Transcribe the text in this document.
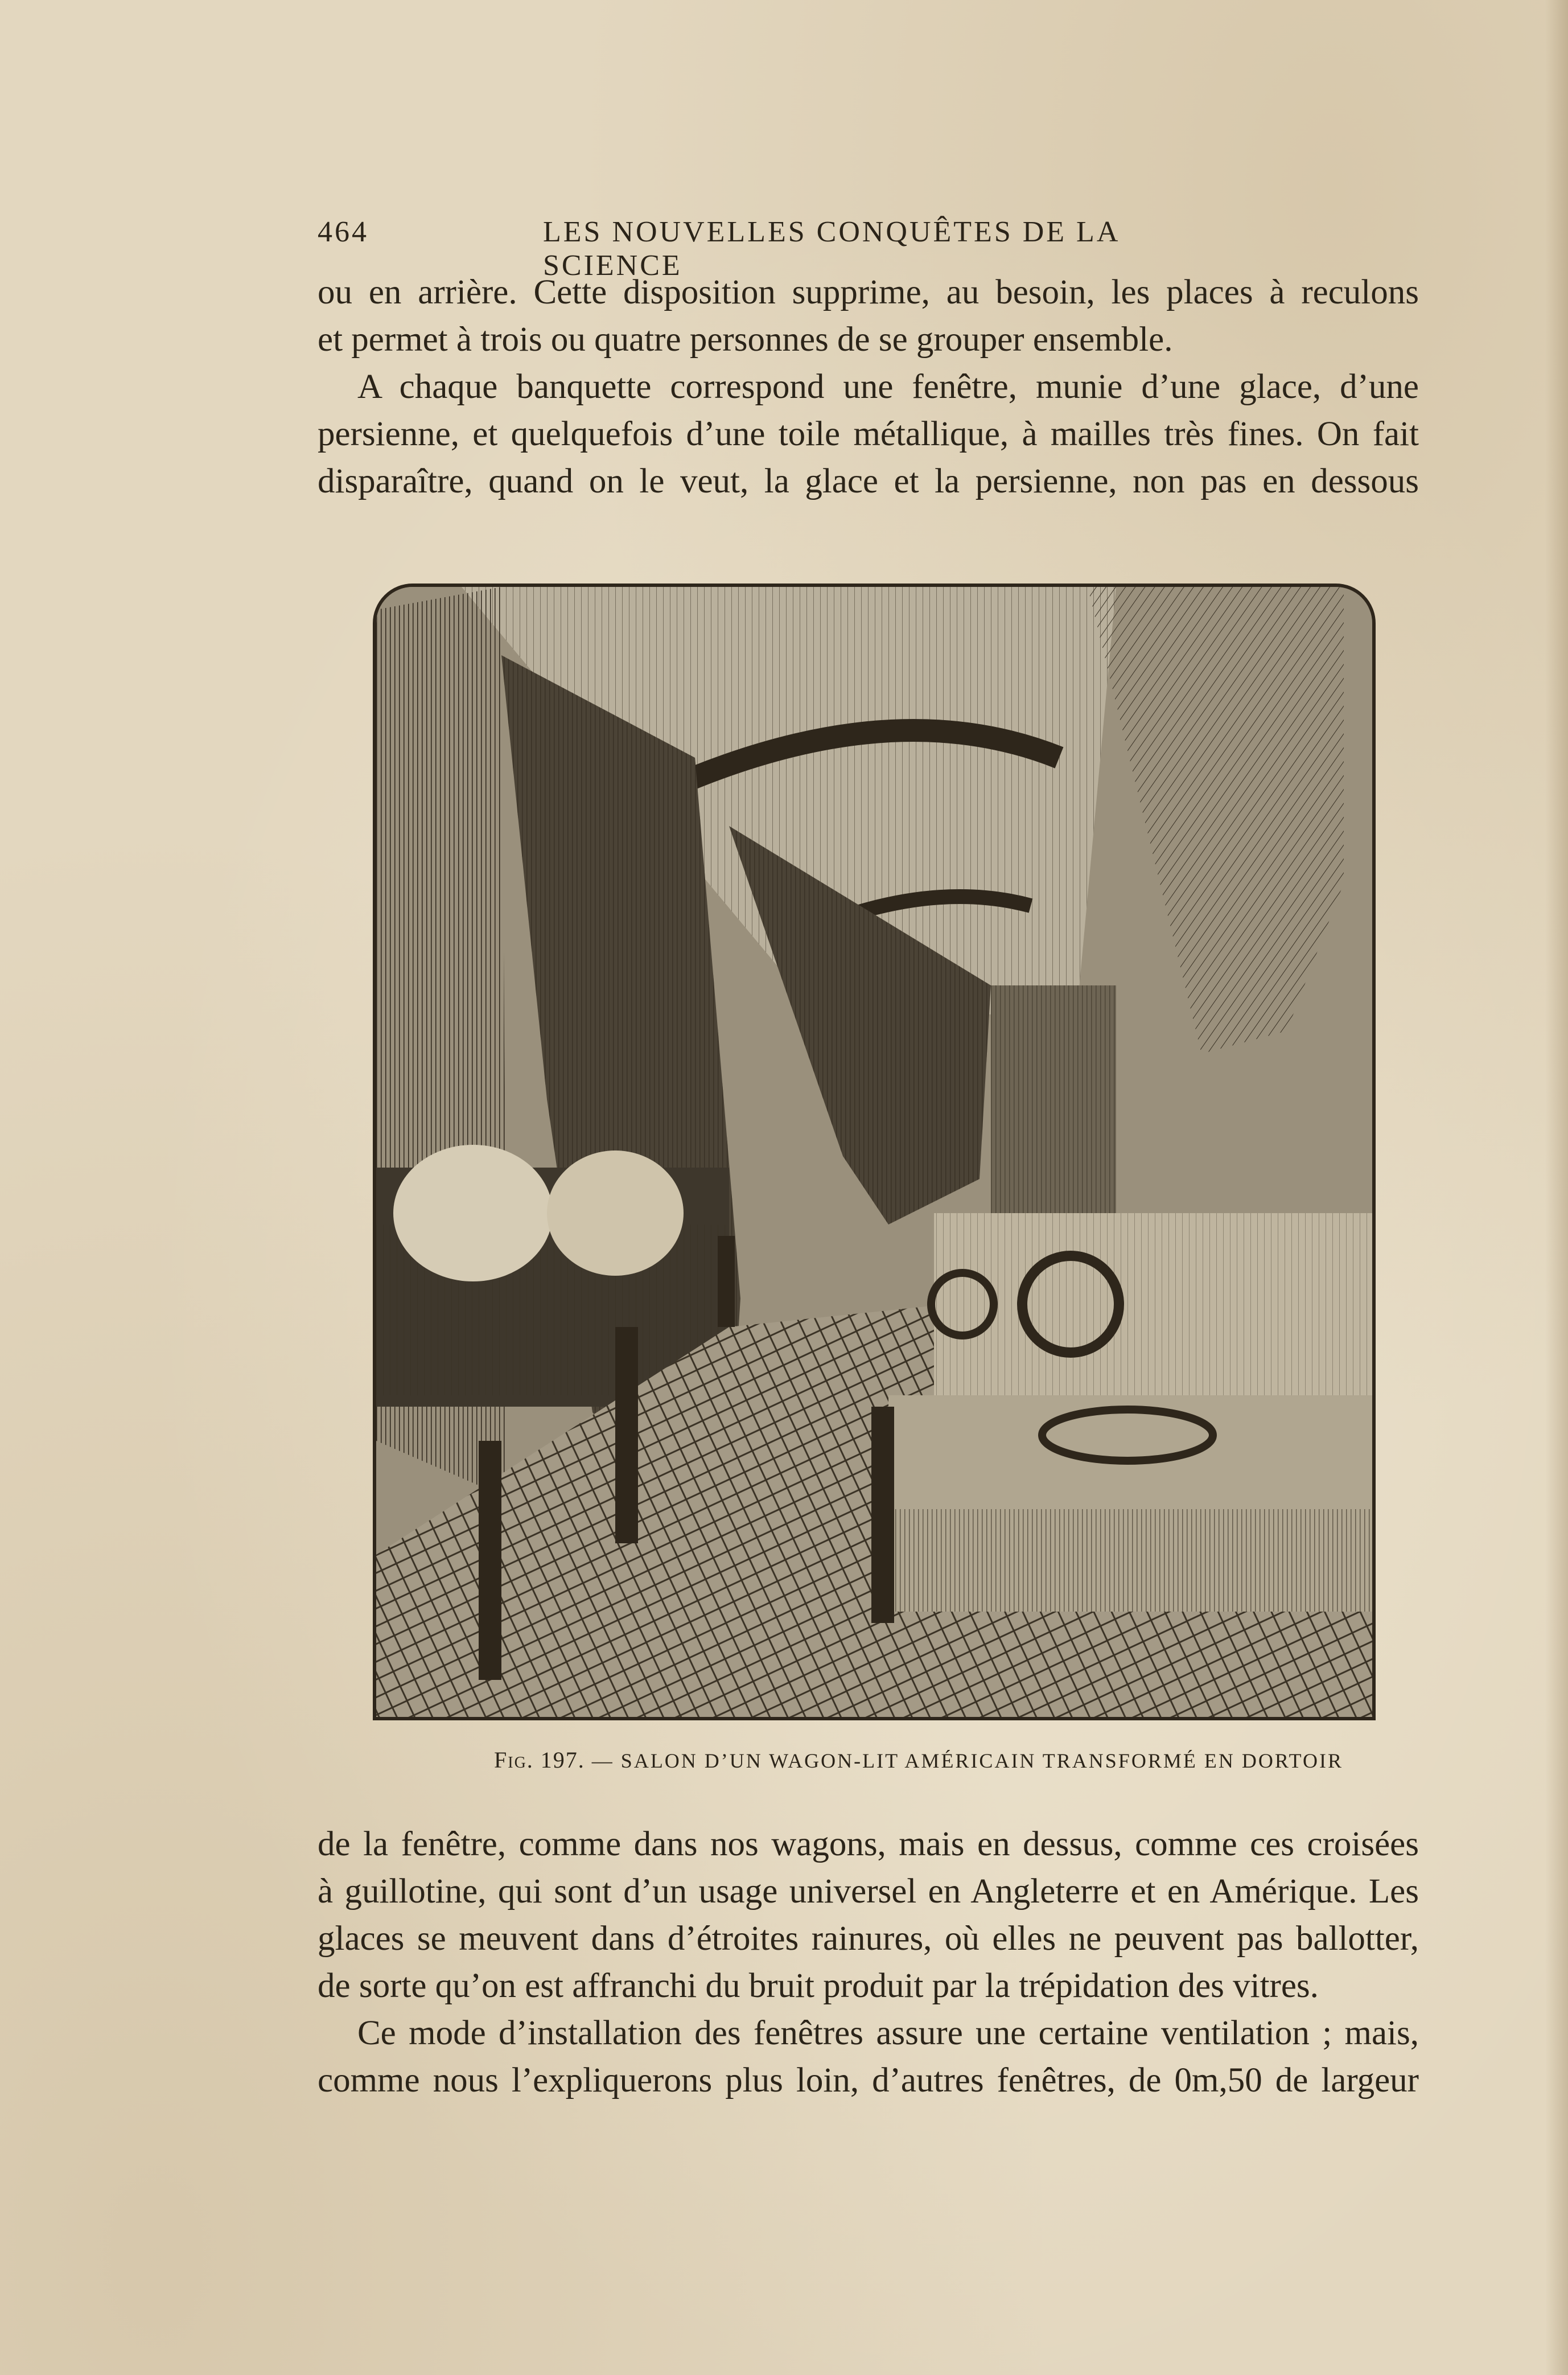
464	LES NOUVELLES CONQUÊTES DE LA SCIENCE
ou en arrière. Cette disposition supprime, au besoin, les places à reculons
et permet à trois ou quatre personnes de se grouper ensemble.
A chaque banquette correspond une fenêtre, munie d’une glace, d’une
persienne, et quelquefois d’une toile métallique, à mailles très fines. On fait
disparaître, quand on le veut, la glace et la persienne, non pas en dessous
Fig. 197. — SALON D’UN WAGON-LIT AMÉRICAIN TRANSFORMÉ EN DORTOIR
de la fenêtre, comme dans nos wagons, mais en dessus, comme ces croisées
à guillotine, qui sont d’un usage universel en Angleterre et en Amérique. Les
glaces se meuvent dans d’étroites rainures, où elles ne peuvent pas ballotter,
de sorte qu’on est affranchi du bruit produit par la trépidation des vitres.
Ce mode d’installation des fenêtres assure une certaine ventilation ; mais,
comme nous l’expliquerons plus loin, d’autres fenêtres, de 0m,50 de largeur
